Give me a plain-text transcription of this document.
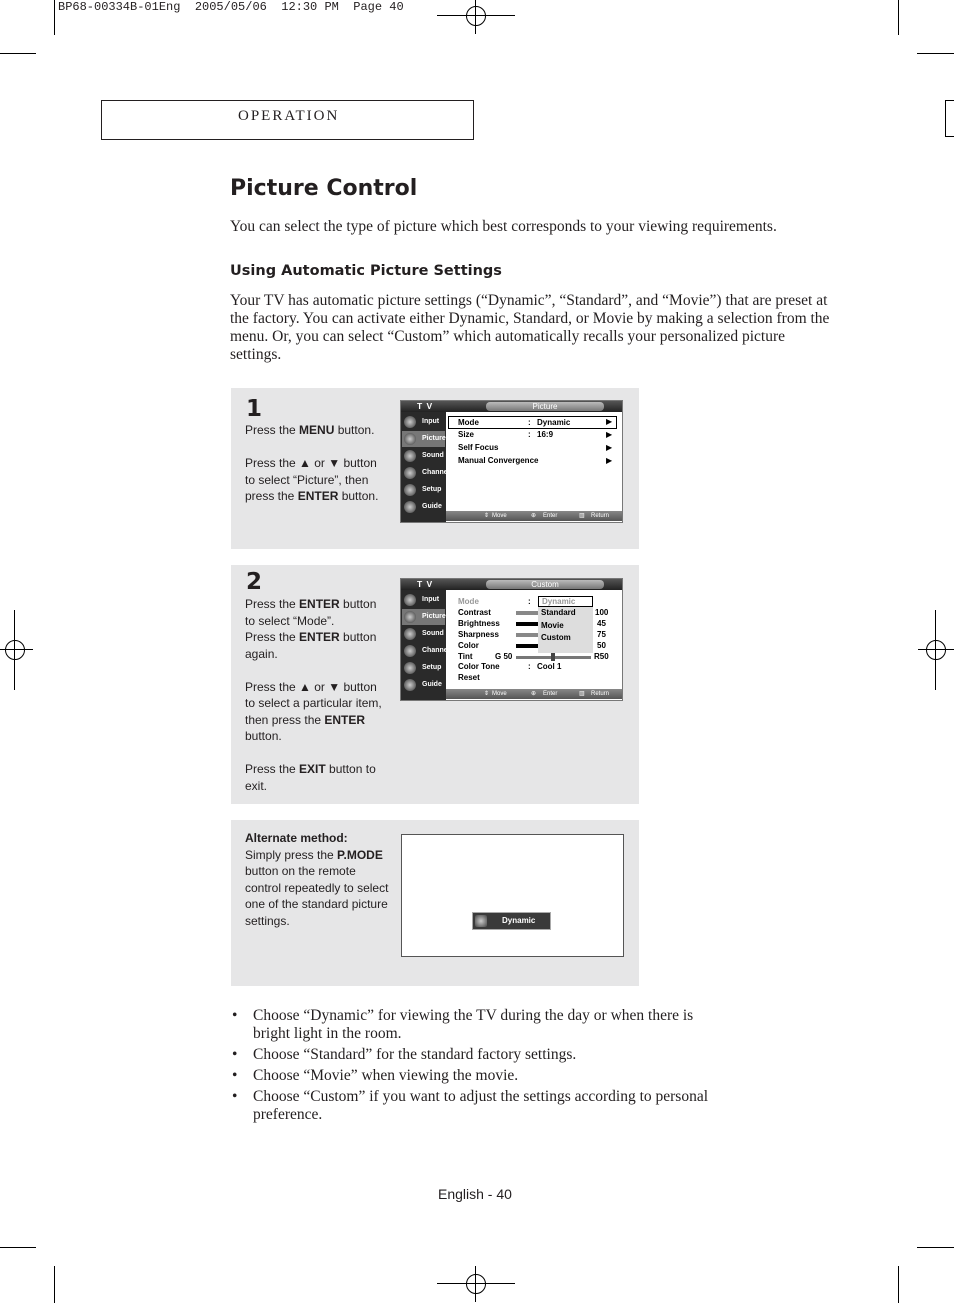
BP68-00334B-01Eng 2005/05/06 12:30 PM Page 40
OPERATION
Picture Control
You can select the type of picture which best corresponds to your viewing requirements.
Using Automatic Picture Settings
Your TV has automatic picture settings (“Dynamic”, “Standard”, and “Movie”) that are preset at the factory. You can activate either Dynamic, Standard, or Movie by making a selection from the menu. Or, you can select “Custom” which automatically recalls your personalized picture settings.
1
Press the MENU button.

Press the ▲ or ▼ button to select “Picture”, then press the ENTER button.
T V	Picture
Input
Picture
Sound
Channel
Setup
Guide
Mode	: Dynamic	▶
Size	: 16:9	▶
Self Focus	▶
Manual Convergence	▶
⇕ Move	⊕ Enter	▥ Return
2
Press the ENTER button to select “Mode”.
Press the ENTER button again.

Press the ▲ or ▼ button to select a particular item, then press the ENTER button.

Press the EXIT button to exit.
T V	Custom
Input
Picture
Sound
Channel
Setup
Guide
Mode	:
Contrast
Brightness
Sharpness
Color
Tint
Color Tone
Reset
G 50
: Cool 1
100
45
75
50
R50
Dynamic
Standard
Movie
Custom
⇕ Move	⊕ Enter	▥ Return
Alternate method:
Simply press the P.MODE button on the remote control repeatedly to select one of the standard picture settings.	Dynamic
• Choose “Dynamic” for viewing the TV during the day or when there is bright light in the room.
• Choose “Standard” for the standard factory settings.
• Choose “Movie” when viewing the movie.
• Choose “Custom” if you want to adjust the settings according to personal preference.
English - 40
